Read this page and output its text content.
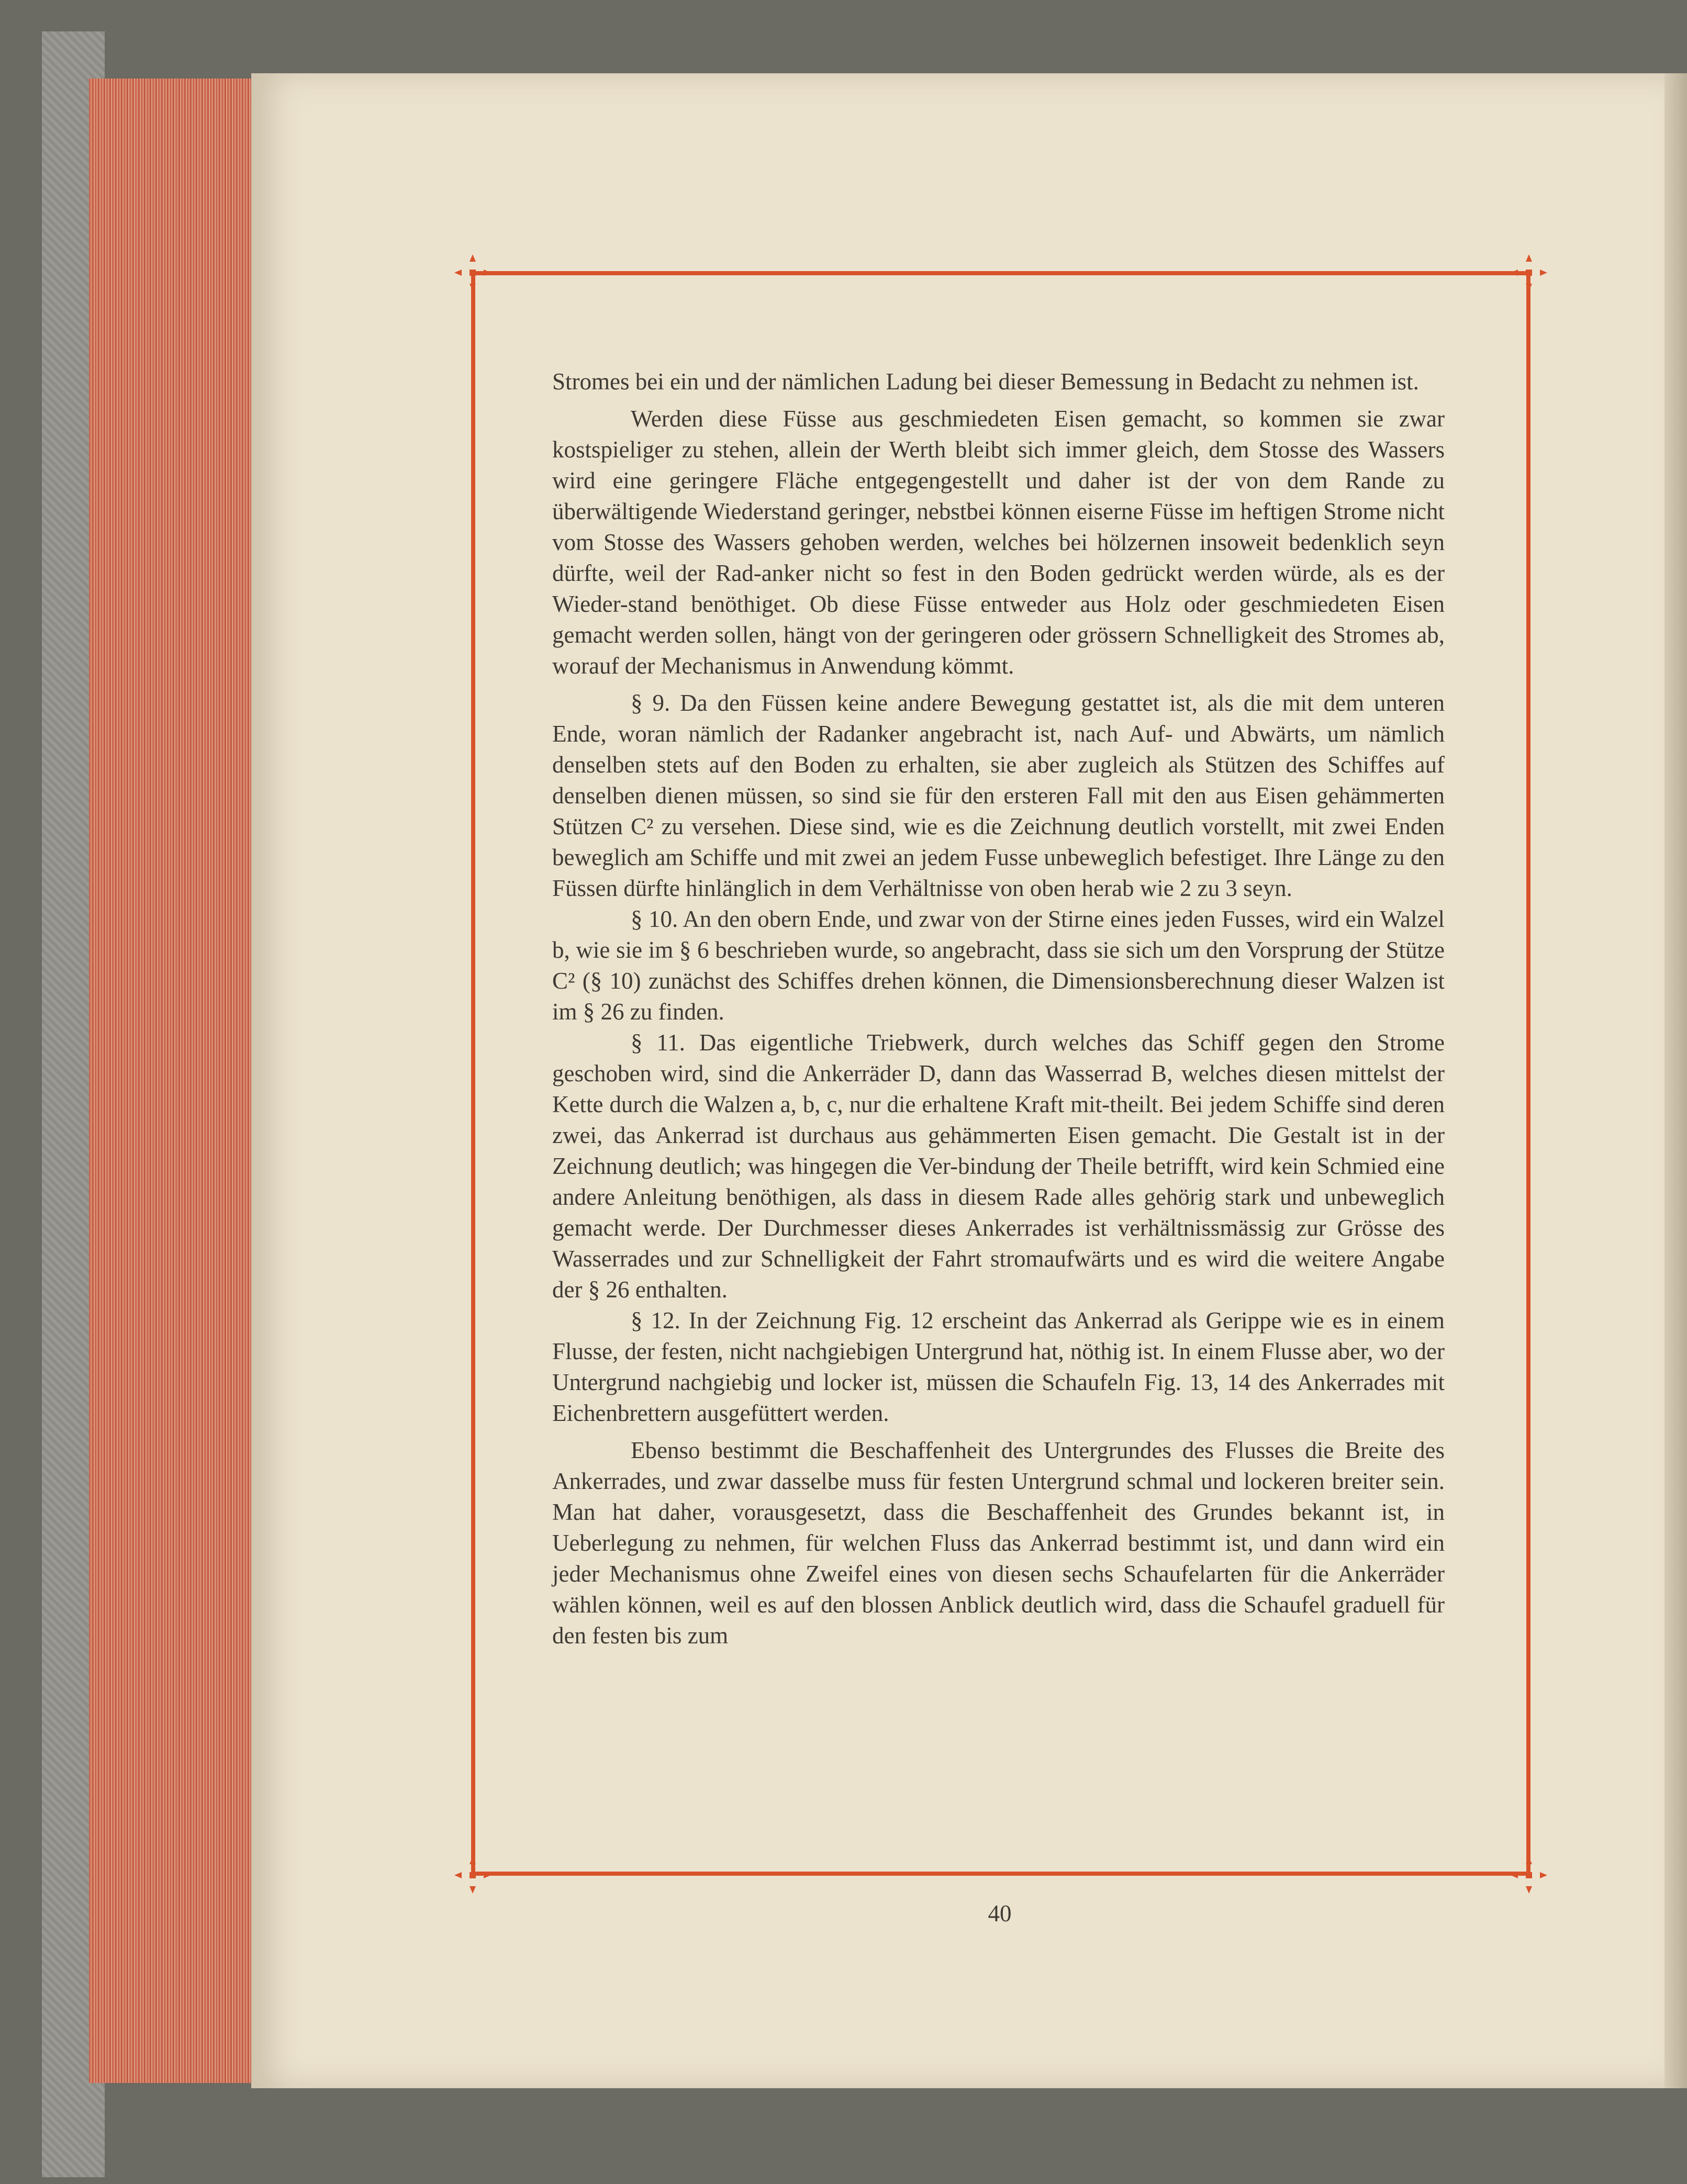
Stromes bei ein und der nämlichen Ladung bei dieser Bemessung in Bedacht zu nehmen ist.

Werden diese Füsse aus geschmiedeten Eisen gemacht, so kommen sie zwar kostspieliger zu stehen, allein der Werth bleibt sich immer gleich, dem Stosse des Wassers wird eine geringere Fläche entgegengestellt und daher ist der von dem Rande zu überwältigende Wiederstand geringer, nebstbei können eiserne Füsse im heftigen Strome nicht vom Stosse des Wassers gehoben werden, welches bei hölzernen insoweit bedenklich seyn dürfte, weil der Rad-anker nicht so fest in den Boden gedrückt werden würde, als es der Wieder-stand benöthiget. Ob diese Füsse entweder aus Holz oder geschmiedeten Eisen gemacht werden sollen, hängt von der geringeren oder grössern Schnelligkeit des Stromes ab, worauf der Mechanismus in Anwendung kömmt.

§ 9. Da den Füssen keine andere Bewegung gestattet ist, als die mit dem unteren Ende, woran nämlich der Radanker angebracht ist, nach Auf- und Abwärts, um nämlich denselben stets auf den Boden zu erhalten, sie aber zugleich als Stützen des Schiffes auf denselben dienen müssen, so sind sie für den ersteren Fall mit den aus Eisen gehämmerten Stützen C² zu versehen. Diese sind, wie es die Zeichnung deutlich vorstellt, mit zwei Enden beweglich am Schiffe und mit zwei an jedem Fusse unbeweglich befestiget. Ihre Länge zu den Füssen dürfte hinlänglich in dem Verhältnisse von oben herab wie 2 zu 3 seyn.

§ 10. An den obern Ende, und zwar von der Stirne eines jeden Fusses, wird ein Walzel b, wie sie im § 6 beschrieben wurde, so angebracht, dass sie sich um den Vorsprung der Stütze C² (§ 10) zunächst des Schiffes drehen können, die Dimensionsberechnung dieser Walzen ist im § 26 zu finden.

§ 11. Das eigentliche Triebwerk, durch welches das Schiff gegen den Strome geschoben wird, sind die Ankerräder D, dann das Wasserrad B, welches diesen mittelst der Kette durch die Walzen a, b, c, nur die erhaltene Kraft mit-theilt. Bei jedem Schiffe sind deren zwei, das Ankerrad ist durchaus aus gehämmerten Eisen gemacht. Die Gestalt ist in der Zeichnung deutlich; was hingegen die Ver-bindung der Theile betrifft, wird kein Schmied eine andere Anleitung benöthigen, als dass in diesem Rade alles gehörig stark und unbeweglich gemacht werde. Der Durchmesser dieses Ankerrades ist verhältnissmässig zur Grösse des Wasserrades und zur Schnelligkeit der Fahrt stromaufwärts und es wird die weitere Angabe der § 26 enthalten.

§ 12. In der Zeichnung Fig. 12 erscheint das Ankerrad als Gerippe wie es in einem Flusse, der festen, nicht nachgiebigen Untergrund hat, nöthig ist. In einem Flusse aber, wo der Untergrund nachgiebig und locker ist, müssen die Schaufeln Fig. 13, 14 des Ankerrades mit Eichenbrettern ausgefüttert werden.

Ebenso bestimmt die Beschaffenheit des Untergrundes des Flusses die Breite des Ankerrades, und zwar dasselbe muss für festen Untergrund schmal und lockeren breiter sein. Man hat daher, vorausgesetzt, dass die Beschaffenheit des Grundes bekannt ist, in Ueberlegung zu nehmen, für welchen Fluss das Ankerrad bestimmt ist, und dann wird ein jeder Mechanismus ohne Zweifel eines von diesen sechs Schaufelarten für die Ankerräder wählen können, weil es auf den blossen Anblick deutlich wird, dass die Schaufel graduell für den festen bis zum

40
